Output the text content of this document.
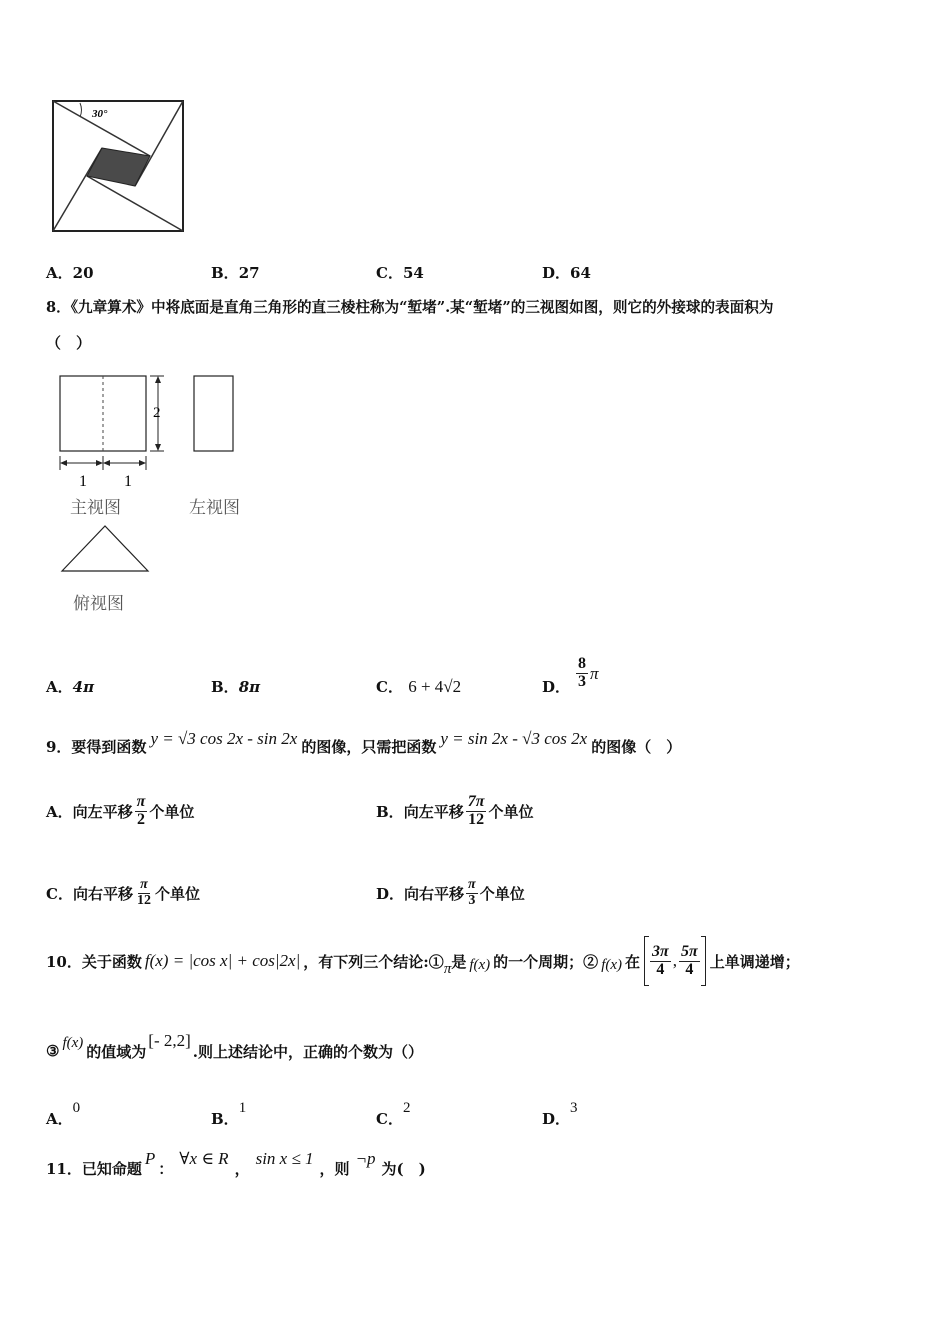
30°
A．20	B．27	C．54	D．64
8．《九章算术》中将底面是直角三角形的直三棱柱称为“堑堵”.某“堑堵”的三视图如图，则它的外接球的表面积为
（　）
2
1 1
主视图	左视图
俯视图
A．4π	B．8π	C． 6 + 4√2	D． $\frac{8}{3}$ π
9．要得到函数 y = √3 cos 2x - sin 2x 的图像，只需把函数 y = sin 2x - √3 cos 2x 的图像（　）
A． 向左平移 $\frac{\pi}{2}$ 个单位	B． 向左平移 $\frac{7\pi}{12}$ 个单位
C． 向右平移 $\frac{\pi}{12}$ 个单位	D． 向右平移 $\frac{\pi}{3}$ 个单位
10．关于函数 f(x) = |cos x| + cos|2x| ，有下列三个结论:① π 是 f(x) 的一个周期；② f(x) 在 $\frac{3\pi}{4}$ , $\frac{5\pi}{4}$ 上单调递增；
③ f(x) 的值域为
[- 2,2]
.则上述结论中，正确的个数为（）
A．0
B．1
C．2
D．3
11．已知命题
P
：
∀x ∈ R
，
sin x ≤ 1
，则
¬p
为(　)
